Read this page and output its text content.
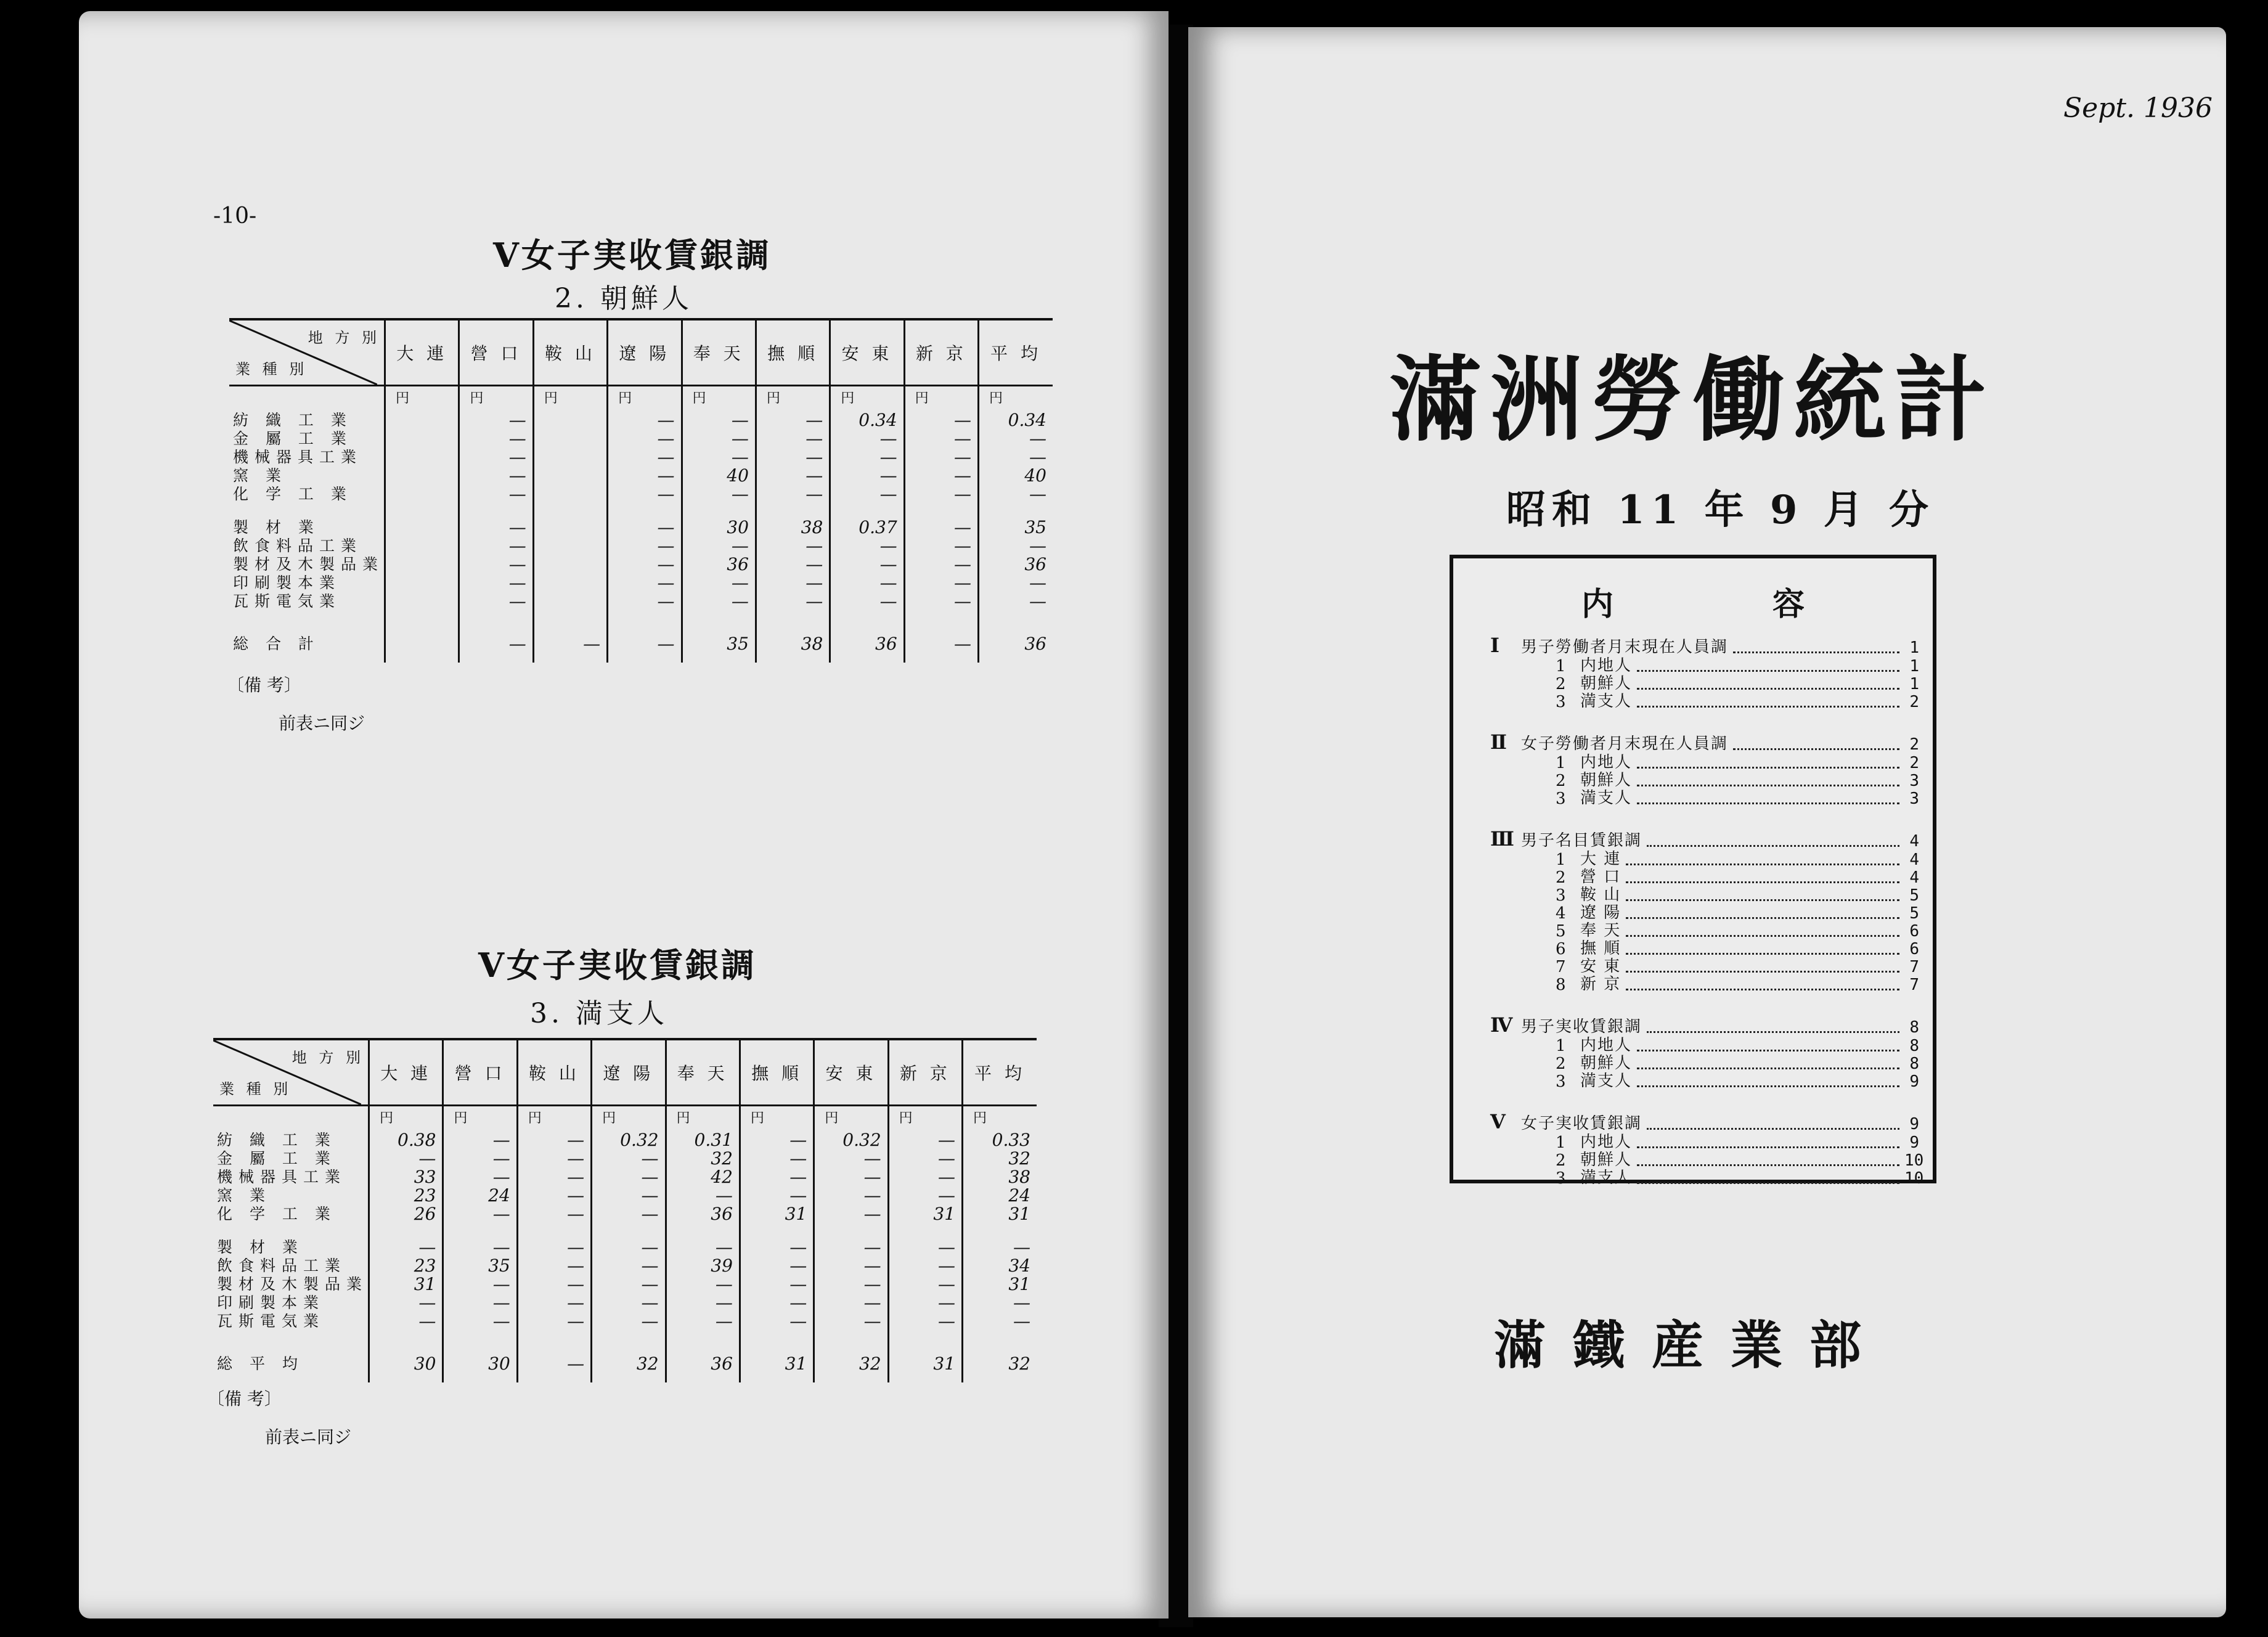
-10-
Ⅴ女子実收賃銀調
2. 朝鮮人
地 方 別
業 種 別	大 連	營 口	鞍 山	遼 陽	奉 天	撫 順	安 東	新 京	平 均
	円	円	円	円	円	円	円	円	円
紡 織 工 業		—		—	—	—	0.34	—	0.34
金 屬 工 業		—		—	—	—	—	—	—
機械器具工業		—		—	—	—	—	—	—
窯 業		—		—	40	—	—	—	40
化 学 工 業		—		—	—	—	—	—	—

製 材 業		—		—	30	38	0.37	—	35
飲食料品工業		—		—	—	—	—	—	—
製材及木製品業		—		—	36	—	—	—	36
印刷製本業		—		—	—	—	—	—	—
瓦斯電気業		—		—	—	—	—	—	—

総 合 計		—	—	—	35	38	36	—	36
〔備 考〕
前表ニ同ジ
Ⅴ女子実收賃銀調
3. 満支人
地 方 別
業 種 別	大 連	營 口	鞍 山	遼 陽	奉 天	撫 順	安 東	新 京	平 均
	円	円	円	円	円	円	円	円	円
紡 織 工 業	0.38	—	—	0.32	0.31	—	0.32	—	0.33
金 屬 工 業	—	—	—	—	32	—	—	—	32
機械器具工業	33	—	—	—	42	—	—	—	38
窯 業	23	24	—	—	—	—	—	—	24
化 学 工 業	26	—	—	—	36	31	—	31	31

製 材 業	—	—	—	—	—	—	—	—	—
飲食料品工業	23	35	—	—	39	—	—	—	34
製材及木製品業	31	—	—	—	—	—	—	—	31
印刷製本業	—	—	—	—	—	—	—	—	—
瓦斯電気業	—	—	—	—	—	—	—	—	—

総 平 均	30	30	—	32	36	31	32	31	32
〔備 考〕
前表ニ同ジ
Sept. 1936
滿洲勞働統計
昭和 11 年 9 月 分
内 容
Ⅰ	男子勞働者月末現在人員調	1
1 内地人	1
2 朝鮮人	1
3 満支人	2
Ⅱ 女子勞働者月末現在人員調	2
1 内地人	2
2 朝鮮人	3
3 満支人	3
Ⅲ 男子名目賃銀調	4
1 大 連	4
2 營 口	4
3 鞍 山	5
4 遼 陽	5
5 奉 天	6
6 撫 順	6
7 安 東	7
8 新 京	7
Ⅳ 男子実收賃銀調	8
1 内地人	8
2 朝鮮人	8
3 満支人	9
Ⅴ 女子実收賃銀調	9
1 内地人	9
2 朝鮮人	10
3 満支人	10
滿鐵産業部
